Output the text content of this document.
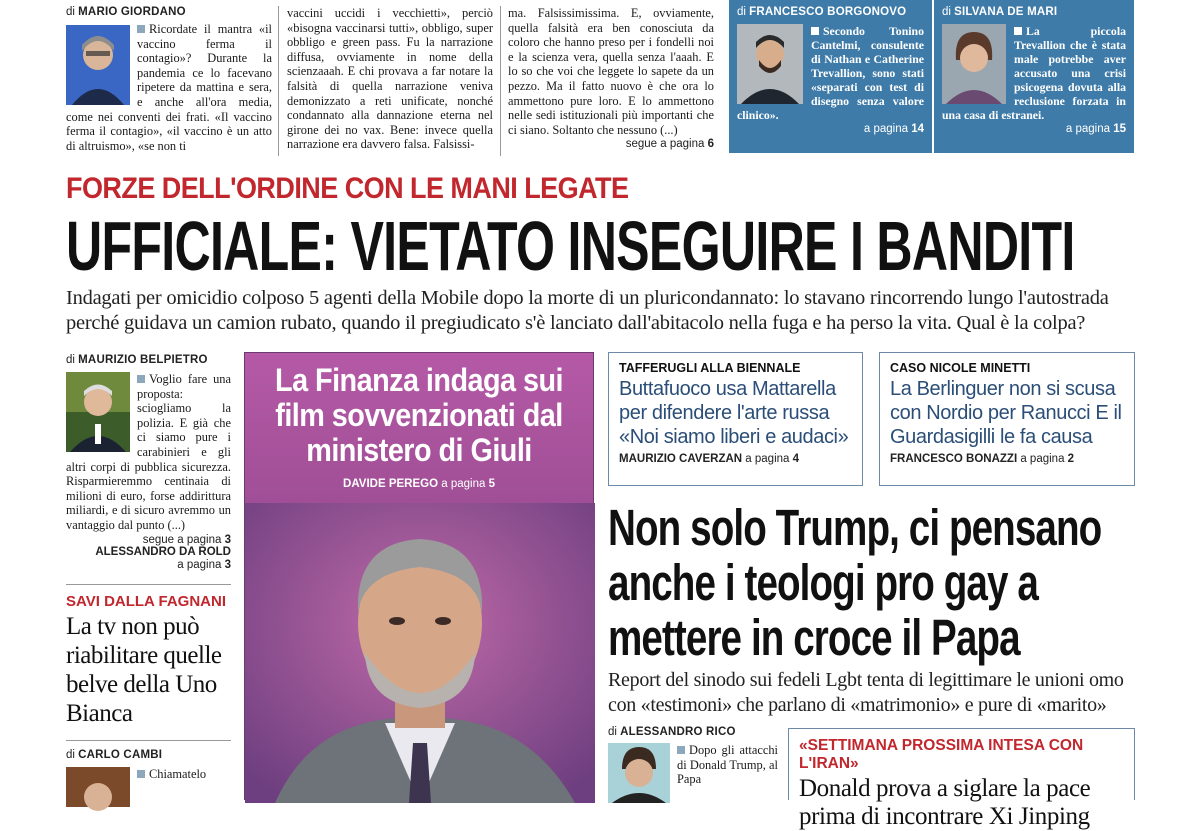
di MARIO GIORDANO

Ricordate il mantra «il vaccino ferma il contagio»? Durante la pandemia ce lo facevano ripetere da mattina e sera, e anche all'ora media, come nei conventi dei frati. «Il vaccino ferma il contagio», «il vaccino è un atto di altruismo», «se non ti

vaccini uccidi i vecchietti», perciò «bisogna vaccinarsi tutti», obbligo, super obbligo e green pass. Fu la narrazione diffusa, ovviamente in nome della scienzaaah. E chi provava a far notare la falsità di quella narrazione veniva demonizzato a reti unificate, nonché condannato alla dannazione eterna nel girone dei no vax. Bene: invece quella narrazione era davvero falsa. Falsissi-

ma. Falsissimissima. E, ovviamente, quella falsità era ben conosciuta da coloro che hanno preso per i fondelli noi e la scienza vera, quella senza l'aaah. E lo so che voi che leggete lo sapete da un pezzo. Ma il fatto nuovo è che ora lo ammettono pure loro. E lo ammettono nelle sedi istituzionali più importanti che ci siano. Soltanto che nessuno (...)

segue a pagina 6
di FRANCESCO BORGONOVO

Secondo Tonino Cantelmi, consulente di Nathan e Catherine Trevallion, sono stati «separati con test di disegno senza valore clinico».

a pagina 14
di SILVANA DE MARI

La piccola Trevallion che è stata male potrebbe aver accusato una crisi psicogena dovuta alla reclusione forzata in una casa di estranei.

a pagina 15
FORZE DELL'ORDINE CON LE MANI LEGATE
UFFICIALE: VIETATO INSEGUIRE I BANDITI

Indagati per omicidio colposo 5 agenti della Mobile dopo la morte di un pluricondannato: lo stavano rincorrendo lungo l'autostrada perché guidava un camion rubato, quando il pregiudicato s'è lanciato dall'abitacolo nella fuga e ha perso la vita. Qual è la colpa?

di MAURIZIO BELPIETRO

Voglio fare una proposta: sciogliamo la polizia. E già che ci siamo pure i carabinieri e gli altri corpi di pubblica sicurezza. Risparmieremmo centinaia di milioni di euro, forse addirittura miliardi, e di sicuro avremmo un vantaggio dal punto (...)

segue a pagina 3
ALESSANDRO DA ROLD
a pagina 3
SAVI DALLA FAGNANI
La tv non può riabilitare quelle belve della Uno Bianca
di CARLO CAMBI

Chiamatelo

La Finanza indaga sui film sovvenzionati dal ministero di Giuli
DAVIDE PEREGO a pagina 5
TAFFERUGLI ALLA BIENNALE
Buttafuoco usa Mattarella per difendere l'arte russa «Noi siamo liberi e audaci»
MAURIZIO CAVERZAN a pagina 4
CASO NICOLE MINETTI
La Berlinguer non si scusa con Nordio per Ranucci E il Guardasigilli le fa causa
FRANCESCO BONAZZI a pagina 2
Non solo Trump, ci pensano anche i teologi pro gay a mettere in croce il Papa

Report del sinodo sui fedeli Lgbt tenta di legittimare le unioni omo con «testimoni» che parlano di «matrimonio» e pure di «marito»

di ALESSANDRO RICO

Dopo gli attacchi di Donald Trump, al Papa

«SETTIMANA PROSSIMA INTESA CON L'IRAN»
Donald prova a siglare la pace prima di incontrare Xi Jinping
